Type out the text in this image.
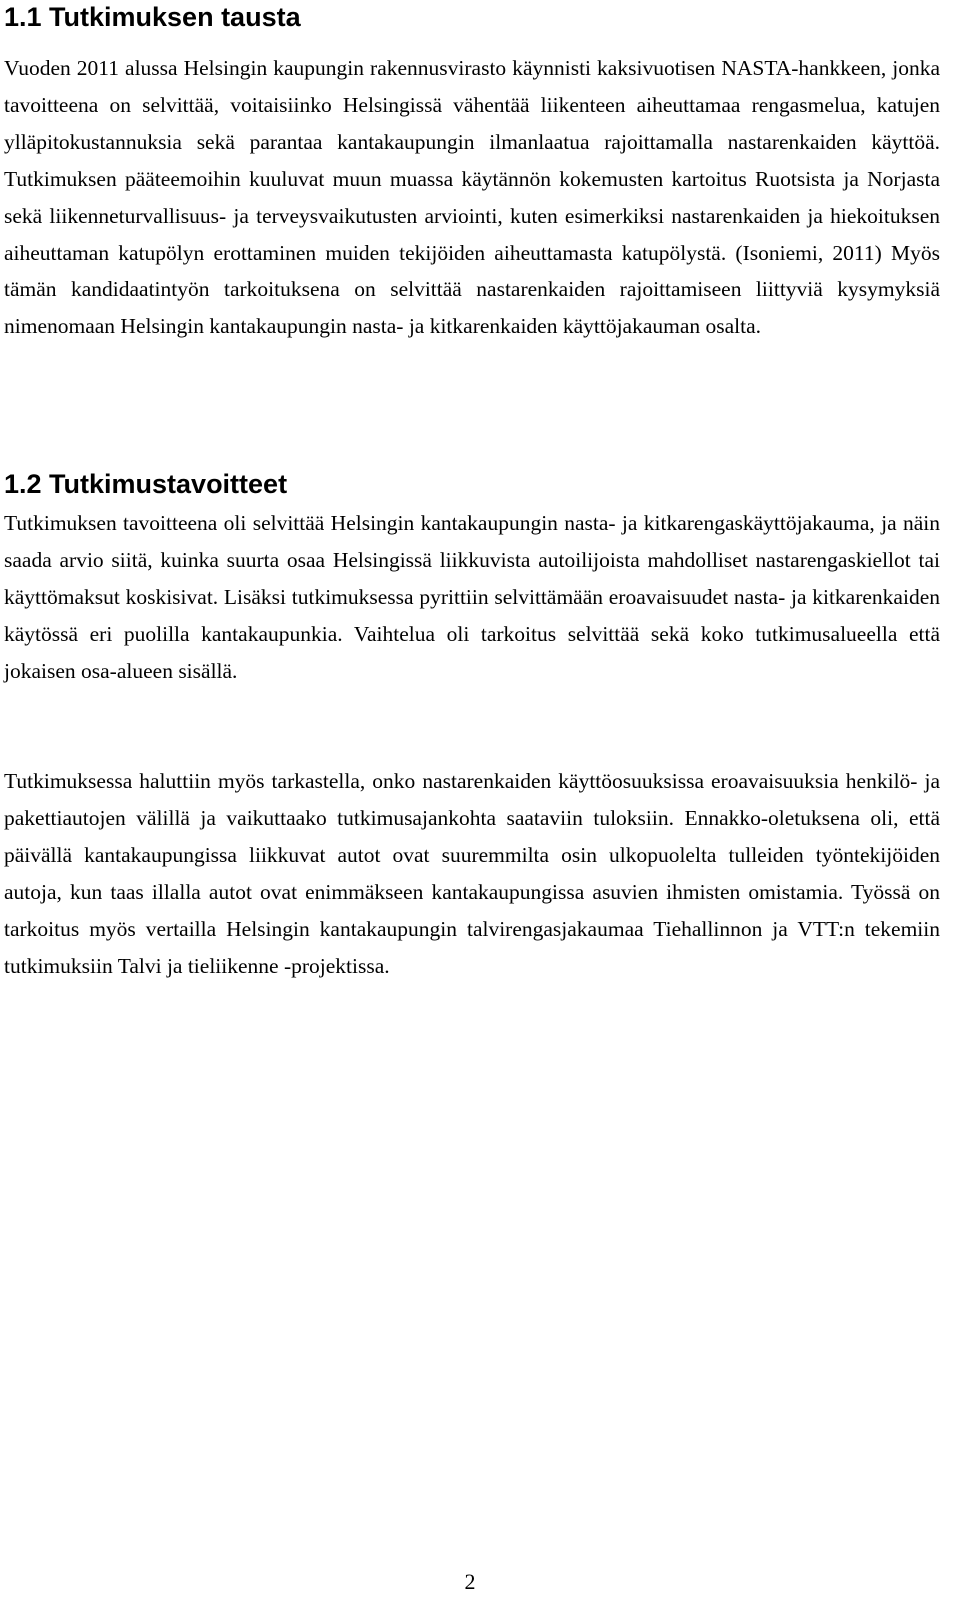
1.1 Tutkimuksen tausta

Vuoden 2011 alussa Helsingin kaupungin rakennusvirasto käynnisti kaksivuotisen NASTA-hankkeen, jonka tavoitteena on selvittää, voitaisiinko Helsingissä vähentää liikenteen aiheuttamaa rengasmelua, katujen ylläpitokustannuksia sekä parantaa kantakaupungin ilmanlaatua rajoittamalla nastarenkaiden käyttöä. Tutkimuksen pääteemoihin kuuluvat muun muassa käytännön kokemusten kartoitus Ruotsista ja Norjasta sekä liikenneturvallisuus- ja terveysvaikutusten arviointi, kuten esimerkiksi nastarenkaiden ja hiekoituksen aiheuttaman katupölyn erottaminen muiden tekijöiden aiheuttamasta katupölystä. (Isoniemi, 2011) Myös tämän kandidaatintyön tarkoituksena on selvittää nastarenkaiden rajoittamiseen liittyviä kysymyksiä nimenomaan Helsingin kantakaupungin nasta- ja kitkarenkaiden käyttöjakauman osalta.

1.2 Tutkimustavoitteet

Tutkimuksen tavoitteena oli selvittää Helsingin kantakaupungin nasta- ja kitkarengaskäyttöjakauma, ja näin saada arvio siitä, kuinka suurta osaa Helsingissä liikkuvista autoilijoista mahdolliset nastarengaskiellot tai käyttömaksut koskisivat. Lisäksi tutkimuksessa pyrittiin selvittämään eroavaisuudet nasta- ja kitkarenkaiden käytössä eri puolilla kantakaupunkia. Vaihtelua oli tarkoitus selvittää sekä koko tutkimusalueella että jokaisen osa-alueen sisällä.

Tutkimuksessa haluttiin myös tarkastella, onko nastarenkaiden käyttöosuuksissa eroavaisuuksia henkilö- ja pakettiautojen välillä ja vaikuttaako tutkimusajankohta saataviin tuloksiin. Ennakko-oletuksena oli, että päivällä kantakaupungissa liikkuvat autot ovat suuremmilta osin ulkopuolelta tulleiden työntekijöiden autoja, kun taas illalla autot ovat enimmäkseen kantakaupungissa asuvien ihmisten omistamia. Työssä on tarkoitus myös vertailla Helsingin kantakaupungin talvirengasjakaumaa Tiehallinnon ja VTT:n tekemiin tutkimuksiin Talvi ja tieliikenne -projektissa.

2
